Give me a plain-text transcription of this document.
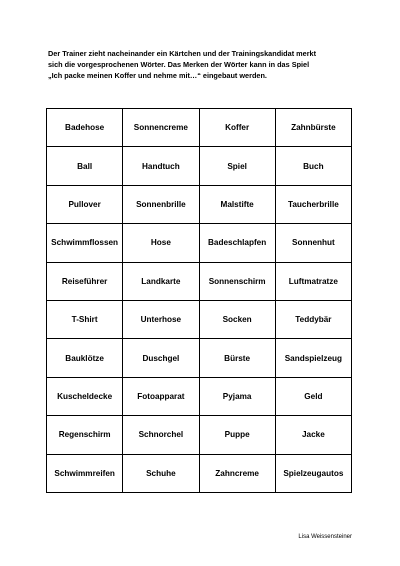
Der Trainer zieht nacheinander ein Kärtchen und der Trainingskandidat merkt

sich die vorgesprochenen Wörter. Das Merken der Wörter kann in das Spiel

„Ich packe meinen Koffer und nehme mit…“ eingebaut werden.

Badehose	Sonnencreme	Koffer	Zahnbürste
Ball	Handtuch	Spiel	Buch
Pullover	Sonnenbrille	Malstifte	Taucherbrille
Schwimmflossen	Hose	Badeschlapfen	Sonnenhut
Reiseführer	Landkarte	Sonnenschirm	Luftmatratze
T-Shirt	Unterhose	Socken	Teddybär
Bauklötze	Duschgel	Bürste	Sandspielzeug
Kuscheldecke	Fotoapparat	Pyjama	Geld
Regenschirm	Schnorchel	Puppe	Jacke
Schwimmreifen	Schuhe	Zahncreme	Spielzeugautos
Lisa Weissensteiner
